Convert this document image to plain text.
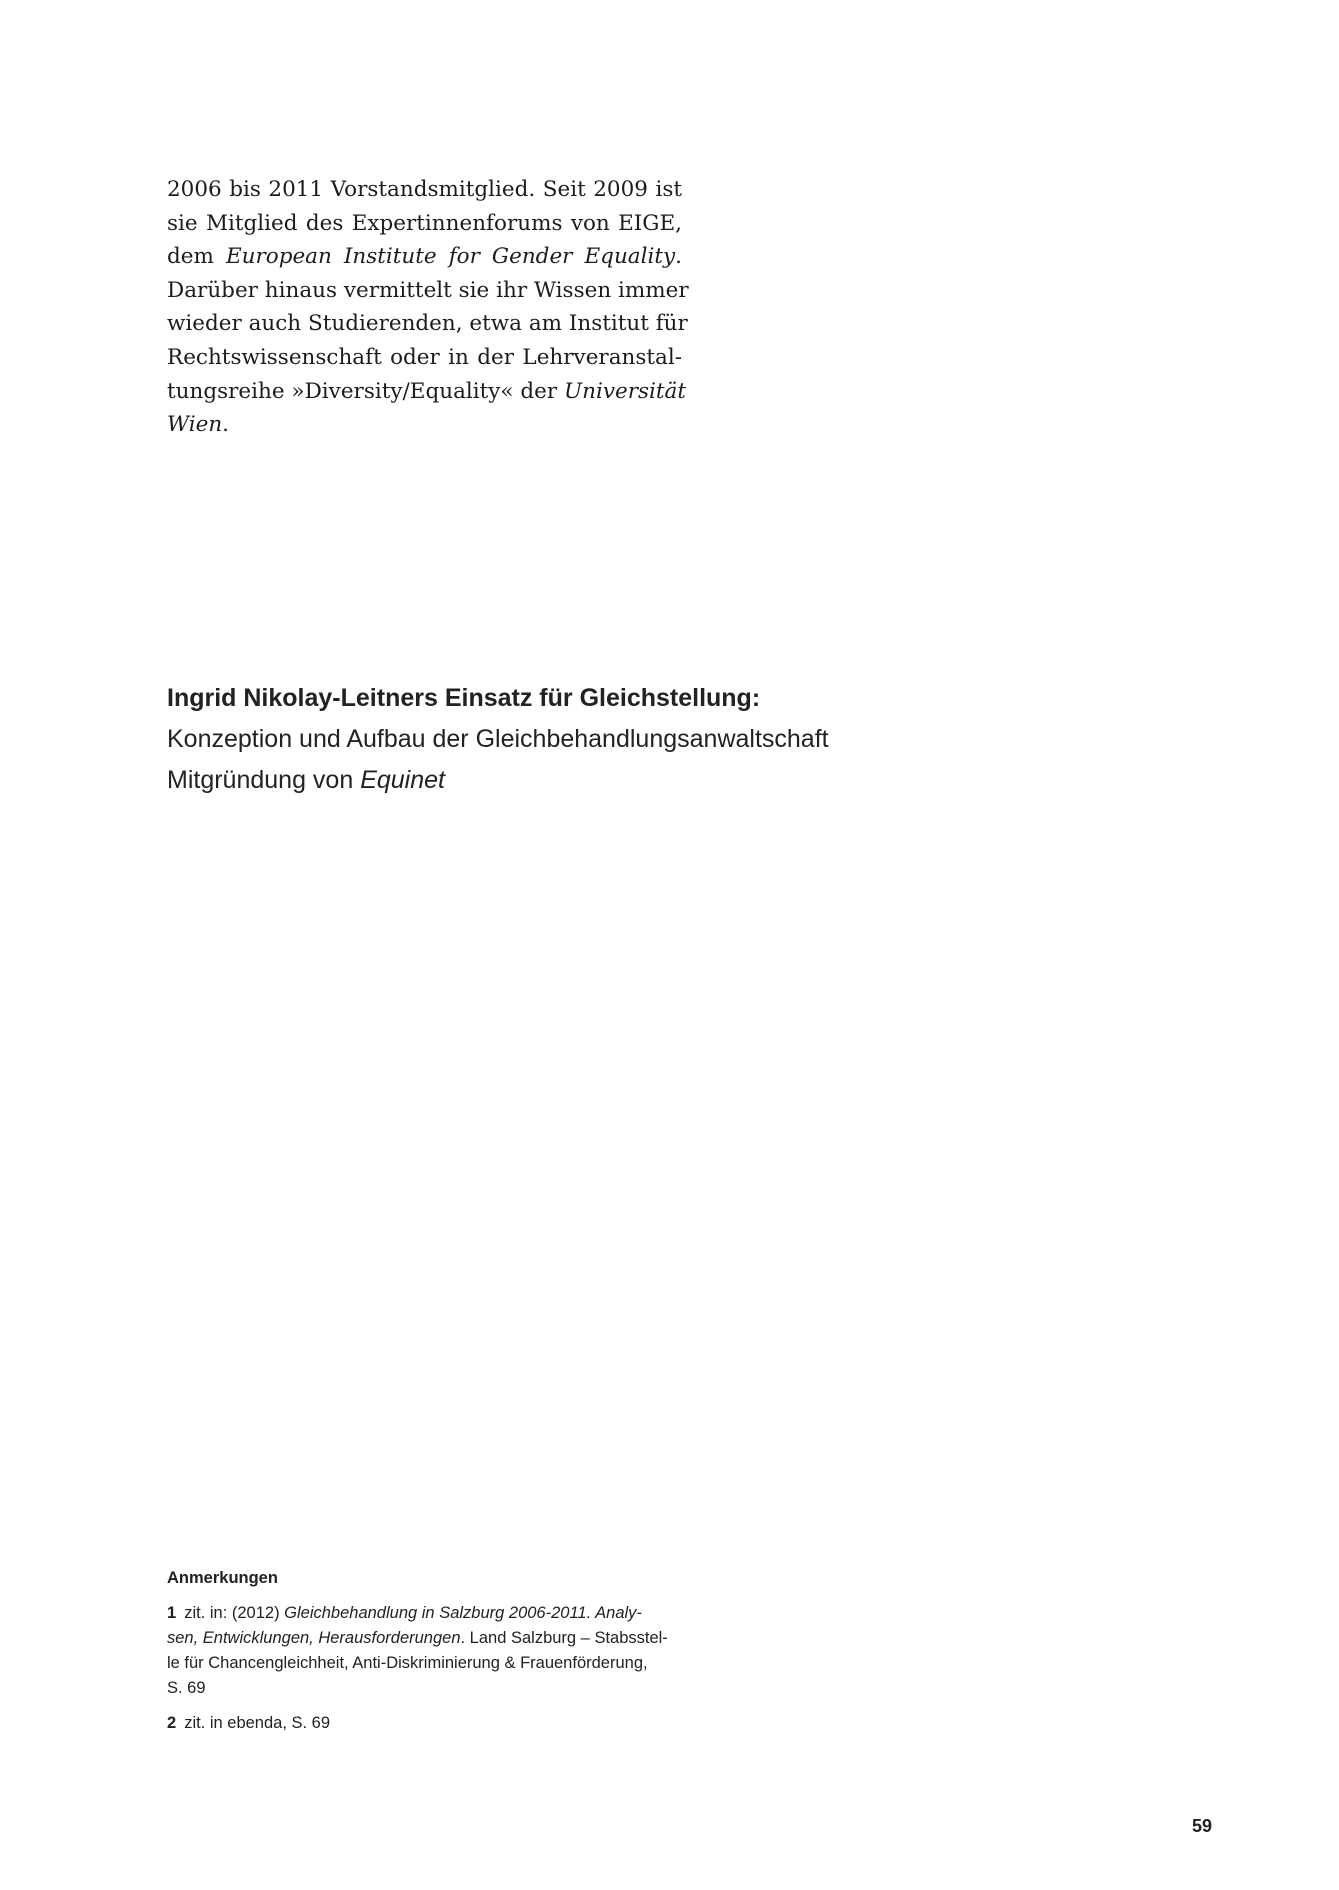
2006 bis 2011 Vorstandsmitglied. Seit 2009 ist
sie Mitglied des Expertinnenforums von EIGE,
dem European Institute for Gender Equality.
Darüber hinaus vermittelt sie ihr Wissen immer
wieder auch Studierenden, etwa am Institut für
Rechtswissenschaft oder in der Lehrveranstal-
tungsreihe »Diversity/Equality« der Universität
Wien.
Ingrid Nikolay-Leitners Einsatz für Gleichstellung:
Konzeption und Aufbau der Gleichbehandlungsanwaltschaft
Mitgründung von Equinet
Anmerkungen
1 zit. in: (2012) Gleichbehandlung in Salzburg 2006-2011. Analy-
sen, Entwicklungen, Herausforderungen. Land Salzburg – Stabsstel-
le für Chancengleichheit, Anti-Diskriminierung & Frauenförderung,
S. 69
2 zit. in ebenda, S. 69
59
